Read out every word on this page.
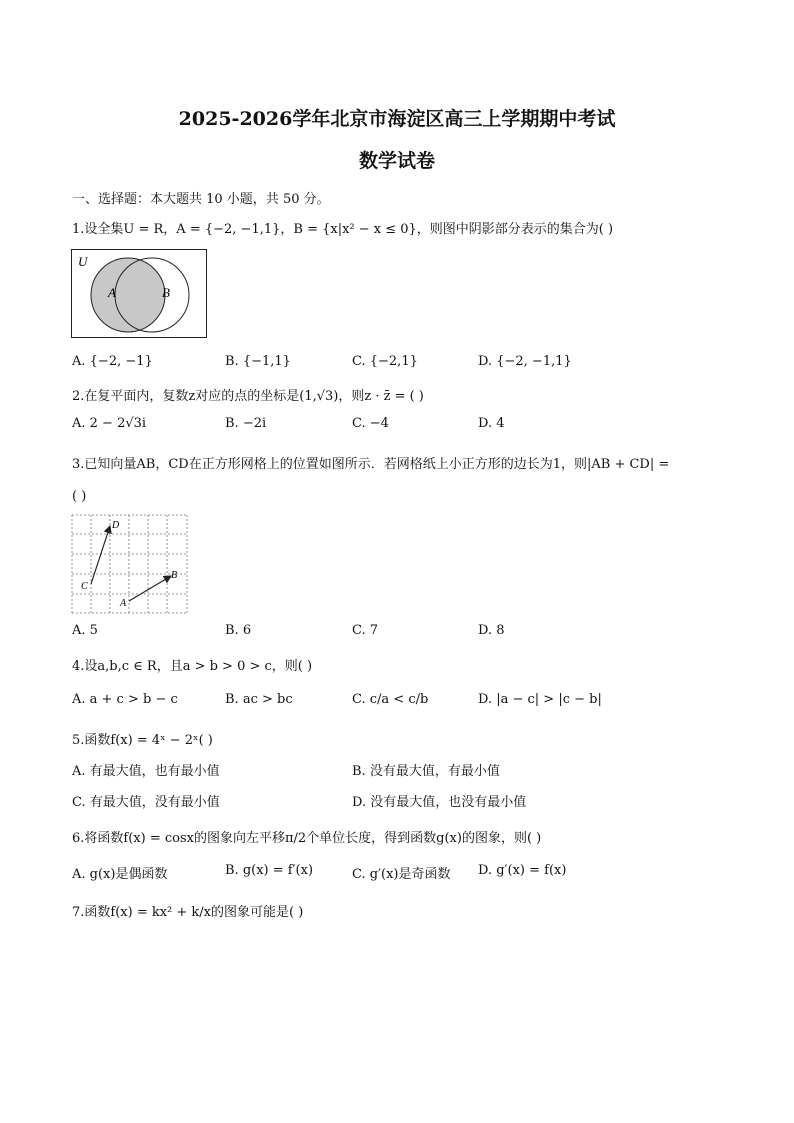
2025-2026学年北京市海淀区高三上学期期中考试
数学试卷
一、选择题：本大题共 10 小题，共 50 分。
1.设全集U = R，A = {−2, −1,1}，B = {x|x² − x ≤ 0}，则图中阴影部分表示的集合为( )
U
A	B
A. {−2, −1}	B. {−1,1}	C. {−2,1}	D. {−2, −1,1}
2.在复平面内，复数z对应的点的坐标是(1,√3)，则z · z̄ = ( )
A. 2 − 2√3i	B. −2i	C. −4	D. 4
3.已知向量AB，CD在正方形网格上的位置如图所示．若网格纸上小正方形的边长为1，则|AB + CD| =
( )
D
C
B
A
A. 5	B. 6	C. 7	D. 8
4.设a,b,c ∈ R，且a > b > 0 > c，则( )
A. a + c > b − c	B. ac > bc	C. c/a < c/b	D. |a − c| > |c − b|
5.函数f(x) = 4ˣ − 2ˣ( )
A. 有最大值，也有最小值	B. 没有最大值，有最小值
C. 有最大值，没有最小值	D. 没有最大值，也没有最小值
6.将函数f(x) = cosx的图象向左平移π/2个单位长度，得到函数g(x)的图象，则( )
A. g(x)是偶函数	B. g(x) = f′(x)	C. g′(x)是奇函数 D. g′(x) = f(x)
7.函数f(x) = kx² + k/x的图象可能是( )
